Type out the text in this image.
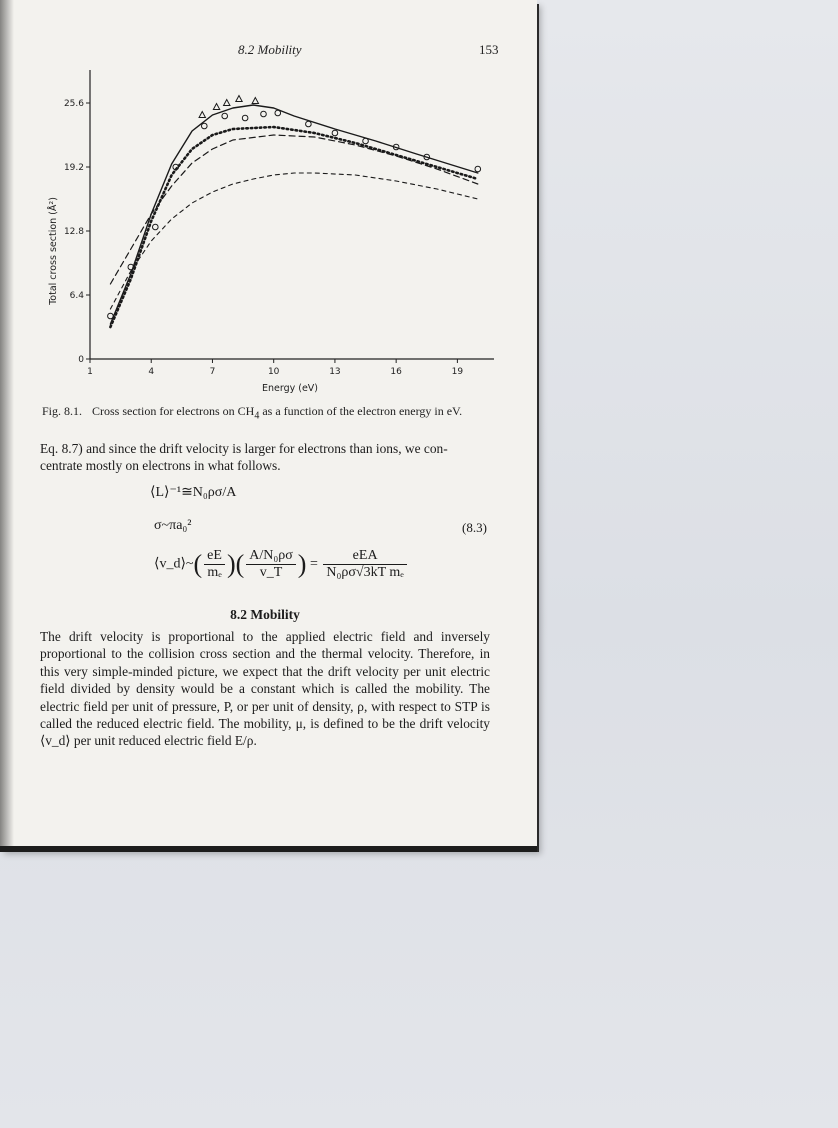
8.2 Mobility	153
1	4	7	10	13	16	19
0
6.4
12.8
19.2
25.6
Energy (eV)
Total cross section (Å²)
Fig. 8.1. Cross section for electrons on $CH_4$ as a function of the electron energy in eV.
Eq. 8.7) and since the drift velocity is larger for electrons than ions, we con-
centrate mostly on electrons in what follows.
⟨L⟩⁻¹≅N₀ρσ/A
σ~πa₀²
⟨v_d⟩~( $\frac{eE}{\text{mₑ}}$ )( $\frac{\text{A/N₀ρσ}}{v\_T}$ ) = $\frac{\text{eEA}}{\text{N₀ρσ√3kT mₑ}}$
(8.3)
8.2 Mobility
The drift velocity is proportional to the applied electric field and inversely proportional to the collision cross section and the thermal velocity. Therefore, in this very simple-minded picture, we expect that the drift velocity per unit electric field divided by density would be a constant which is called the mobility. The electric field per unit of pressure, P, or per unit of density, ρ, with respect to STP is called the reduced electric field. The mobility, μ, is defined to be the drift velocity ⟨v_d⟩ per unit reduced electric field E/ρ.
